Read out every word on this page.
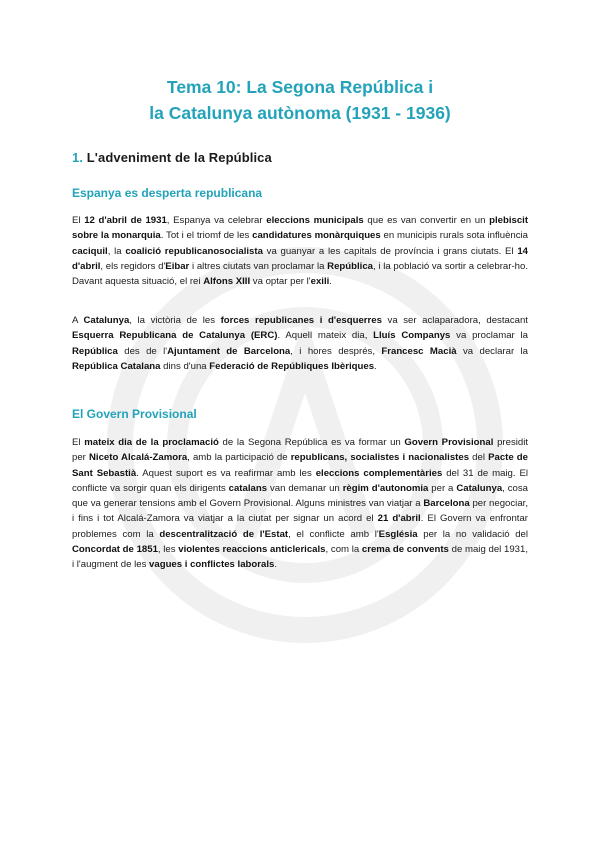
Tema 10: La Segona República i
la Catalunya autònoma (1931 - 1936)
1. L'adveniment de la República
Espanya es desperta republicana
El 12 d'abril de 1931, Espanya va celebrar eleccions municipals que es van convertir en un plebiscit sobre la monarquia. Tot i el triomf de les candidatures monàrquiques en municipis rurals sota influència caciquil, la coalició republicanosocialista va guanyar a les capitals de província i grans ciutats. El 14 d'abril, els regidors d'Eibar i altres ciutats van proclamar la República, i la població va sortir a celebrar-ho. Davant aquesta situació, el rei Alfons XIII va optar per l'exili.
A Catalunya, la victòria de les forces republicanes i d'esquerres va ser aclaparadora, destacant Esquerra Republicana de Catalunya (ERC). Aquell mateix dia, Lluís Companys va proclamar la República des de l'Ajuntament de Barcelona, i hores després, Francesc Macià va declarar la República Catalana dins d'una Federació de Repúbliques Ibèriques.
El Govern Provisional
El mateix dia de la proclamació de la Segona República es va formar un Govern Provisional presidit per Niceto Alcalá-Zamora, amb la participació de republicans, socialistes i nacionalistes del Pacte de Sant Sebastià. Aquest suport es va reafirmar amb les eleccions complementàries del 31 de maig. El conflicte va sorgir quan els dirigents catalans van demanar un règim d'autonomia per a Catalunya, cosa que va generar tensions amb el Govern Provisional. Alguns ministres van viatjar a Barcelona per negociar, i fins i tot Alcalá-Zamora va viatjar a la ciutat per signar un acord el 21 d'abril. El Govern va enfrontar problemes com la descentralització de l'Estat, el conflicte amb l'Església per la no validació del Concordat de 1851, les violentes reaccions anticlericals, com la crema de convents de maig del 1931, i l'augment de les vagues i conflictes laborals.
